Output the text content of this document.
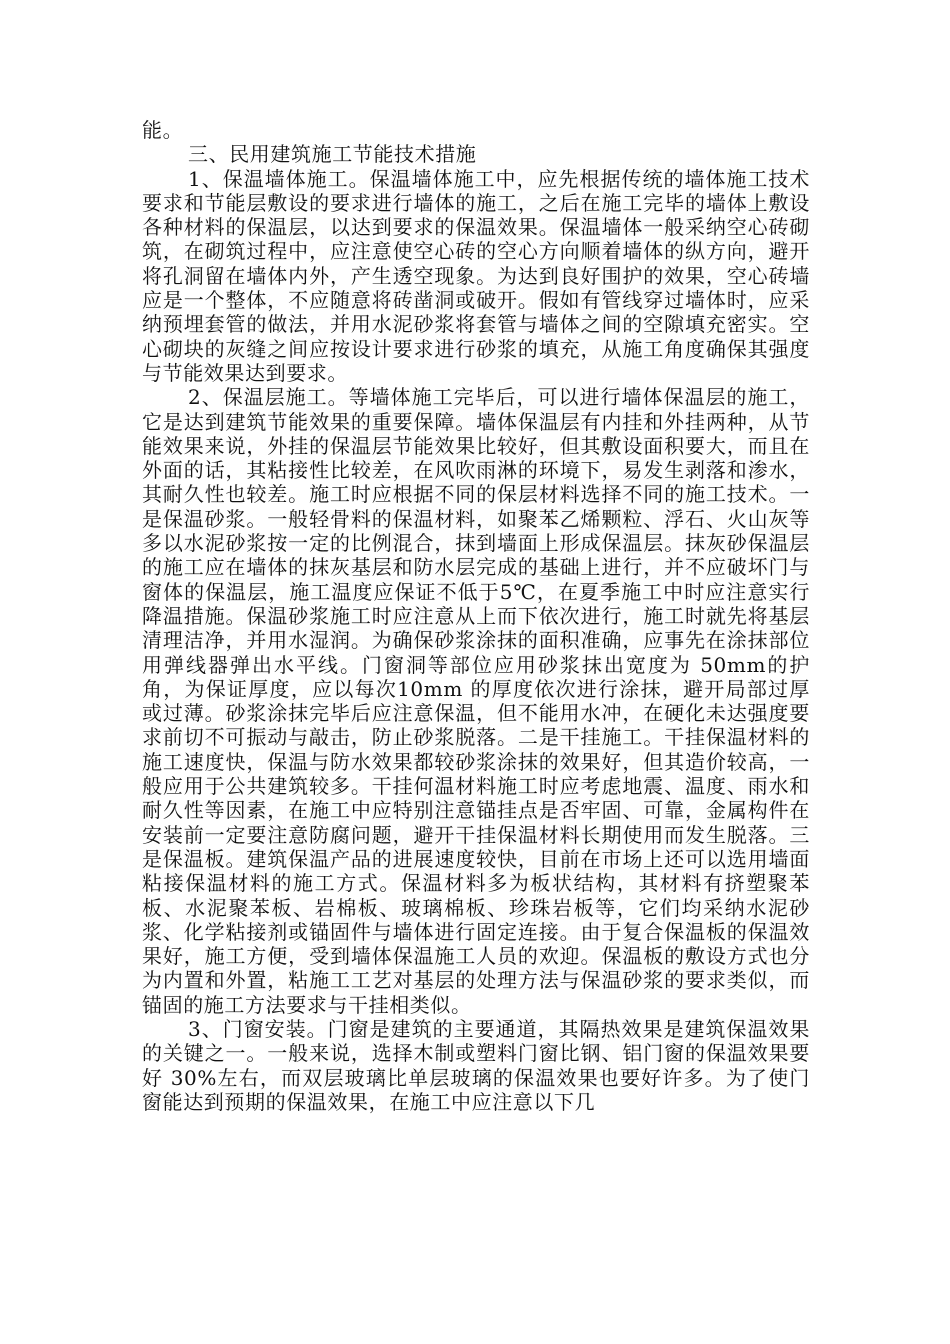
能。

三、民用建筑施工节能技术措施

1、保温墙体施工。保温墙体施工中，应先根据传统的墙体施工技术要求和节能层敷设的要求进行墙体的施工，之后在施工完毕的墙体上敷设各种材料的保温层，以达到要求的保温效果。保温墙体一般采纳空心砖砌筑，在砌筑过程中，应注意使空心砖的空心方向顺着墙体的纵方向，避开将孔洞留在墙体内外，产生透空现象。为达到良好围护的效果，空心砖墙应是一个整体，不应随意将砖凿洞或破开。假如有管线穿过墙体时，应采纳预埋套管的做法，并用水泥砂浆将套管与墙体之间的空隙填充密实。空心砌块的灰缝之间应按设计要求进行砂浆的填充，从施工角度确保其强度与节能效果达到要求。

2、保温层施工。等墙体施工完毕后，可以进行墙体保温层的施工，它是达到建筑节能效果的重要保障。墙体保温层有内挂和外挂两种，从节能效果来说，外挂的保温层节能效果比较好，但其敷设面积要大，而且在外面的话，其粘接性比较差，在风吹雨淋的环境下，易发生剥落和渗水，其耐久性也较差。施工时应根据不同的保层材料选择不同的施工技术。一是保温砂浆。一般轻骨料的保温材料，如聚苯乙烯颗粒、浮石、火山灰等多以水泥砂浆按一定的比例混合，抹到墙面上形成保温层。抹灰砂保温层的施工应在墙体的抹灰基层和防水层完成的基础上进行，并不应破坏门与窗体的保温层，施工温度应保证不低于5℃，在夏季施工中时应注意实行降温措施。保温砂浆施工时应注意从上而下依次进行，施工时就先将基层清理洁净，并用水湿润。为确保砂浆涂抹的面积准确，应事先在涂抹部位用弹线器弹出水平线。门窗洞等部位应用砂浆抹出宽度为 50mm的护角，为保证厚度，应以每次10mm 的厚度依次进行涂抹，避开局部过厚或过薄。砂浆涂抹完毕后应注意保温，但不能用水冲，在硬化未达强度要求前切不可振动与敲击，防止砂浆脱落。二是干挂施工。干挂保温材料的施工速度快，保温与防水效果都较砂浆涂抹的效果好，但其造价较高，一般应用于公共建筑较多。干挂何温材料施工时应考虑地震、温度、雨水和耐久性等因素，在施工中应特别注意锚挂点是否牢固、可靠，金属构件在安装前一定要注意防腐问题，避开干挂保温材料长期使用而发生脱落。三是保温板。建筑保温产品的进展速度较快，目前在市场上还可以选用墙面粘接保温材料的施工方式。保温材料多为板状结构，其材料有挤塑聚苯板、水泥聚苯板、岩棉板、玻璃棉板、珍珠岩板等，它们均采纳水泥砂浆、化学粘接剂或锚固件与墙体进行固定连接。由于复合保温板的保温效果好，施工方便，受到墙体保温施工人员的欢迎。保温板的敷设方式也分为内置和外置，粘施工工艺对基层的处理方法与保温砂浆的要求类似，而锚固的施工方法要求与干挂相类似。

3、门窗安装。门窗是建筑的主要通道，其隔热效果是建筑保温效果的关键之一。一般来说，选择木制或塑料门窗比钢、铝门窗的保温效果要好 30%左右，而双层玻璃比单层玻璃的保温效果也要好许多。为了使门窗能达到预期的保温效果，在施工中应注意以下几
